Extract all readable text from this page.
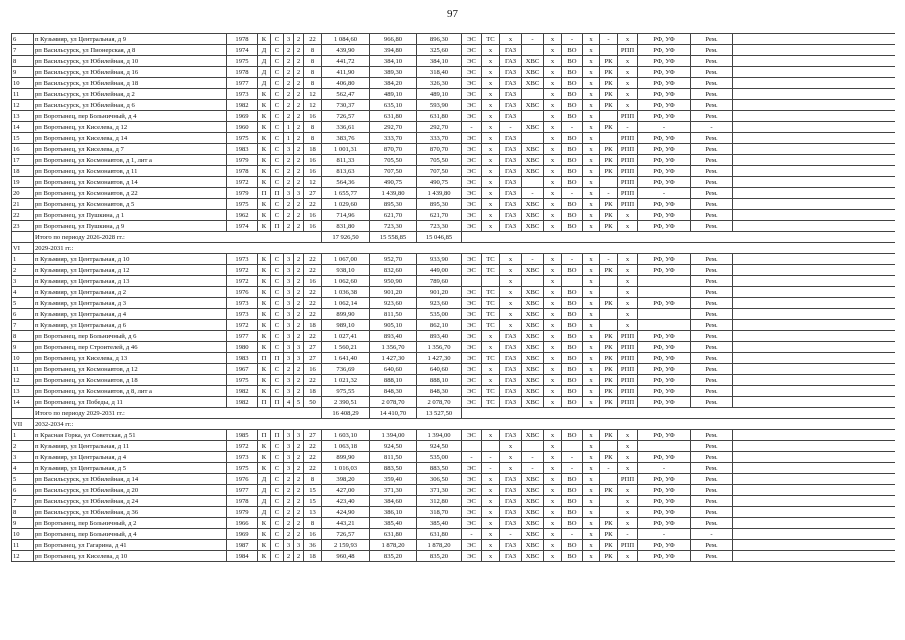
97
6	п Кузьмияр, ул Центральная, д 9	1978	К	С	3	2	22	1 084,60	966,80	896,30	ЭС	ТС	х	-	х	-	х	-	х	РФ, УФ	Рем.	
7	рп Васильсурск, ул Пионерская, д 8	1974	Д	С	2	2	8	439,90	394,80	325,60	ЭС	х	ГАЗ		х	ВО	х		РПП	РФ, УФ	Рем.	
8	рп Васильсурск, ул Юбилейная, д 10	1975	Д	С	2	2	8	441,72	384,10	384,10	ЭС	х	ГАЗ	ХВС	х	ВО	х	РК	х	РФ, УФ	Рем.	
9	рп Васильсурск, ул Юбилейная, д 16	1978	Д	С	2	2	8	411,90	389,30	318,40	ЭС	х	ГАЗ	ХВС	х	ВО	х	РК	х	РФ, УФ	Рем.	
10	рп Васильсурск, ул Юбилейная, д 18	1977	Д	С	2	2	8	406,80	384,20	326,30	ЭС	х	ГАЗ	ХВС	х	ВО	х	РК	х	РФ, УФ	Рем.	
11	рп Васильсурск, ул Юбилейная, д 2	1973	К	С	2	2	12	562,47	489,10	489,10	ЭС	х	ГАЗ		х	ВО	х	РК	х	РФ, УФ	Рем.	
12	рп Васильсурск, ул Юбилейная, д 6	1982	К	С	2	2	12	730,37	635,10	593,90	ЭС	х	ГАЗ	ХВС	х	ВО	х	РК	х	РФ, УФ	Рем.	
13	рп Воротынец, пер Больничный, д 4	1969	К	С	2	2	16	726,57	631,80	631,80	ЭС	х	ГАЗ		х	ВО	х		РПП	РФ, УФ	Рем.	
14	рп Воротынец, ул Киселева, д 12	1960	К	С	1	2	8	336,61	292,70	292,70	-	х	-	ХВС	х	-	х	РК	-	-	-	
15	рп Воротынец, ул Киселева, д 14	1975	К	С	1	2	8	383,76	333,70	333,70	ЭС	х	ГАЗ		х	ВО	х		РПП	РФ, УФ	Рем.	
16	рп Воротынец, ул Киселева, д 7	1983	К	С	3	2	18	1 001,31	870,70	870,70	ЭС	х	ГАЗ	ХВС	х	ВО	х	РК	РПП	РФ, УФ	Рем.	
17	рп Воротынец, ул Космонавтов, д 1, лит а	1979	К	С	2	2	16	811,33	705,50	705,50	ЭС	х	ГАЗ	ХВС	х	ВО	х	РК	РПП	РФ, УФ	Рем.	
18	рп Воротынец, ул Космонавтов, д 11	1978	К	С	2	2	16	813,63	707,50	707,50	ЭС	х	ГАЗ	ХВС	х	ВО	х	РК	РПП	РФ, УФ	Рем.	
19	рп Воротынец, ул Космонавтов, д 14	1972	К	С	2	2	12	564,36	490,75	490,75	ЭС	х	ГАЗ		х	ВО	х		РПП	РФ, УФ	Рем.	
20	рп Воротынец, ул Космонавтов, д 22	1979	П	П	3	3	27	1 655,77	1 439,80	1 439,80	ЭС	х	ГАЗ	-	х	-	х	-	РПП	-	Рем.	
21	рп Воротынец, ул Космонавтов, д 5	1975	К	С	2	2	22	1 029,60	895,30	895,30	ЭС	х	ГАЗ	ХВС	х	ВО	х	РК	РПП	РФ, УФ	Рем.	
22	рп Воротынец, ул Пушкина, д 1	1962	К	С	2	2	16	714,96	621,70	621,70	ЭС	х	ГАЗ	ХВС	х	ВО	х	РК	х	РФ, УФ	Рем.	
23	рп Воротынец, ул Пушкина, д 9	1974	К	П	2	2	16	831,80	723,30	723,30	ЭС	х	ГАЗ	ХВС	х	ВО	х	РК	х	РФ, УФ	Рем.	
	Итого по периоду 2026-2028 гг.:							17 926,50	15 558,85	15 046,85												
VI	2029-2031 гг.:																					
1	п Кузьмияр, ул Центральная, д 10	1973	К	С	3	2	22	1 067,00	952,70	933,90	ЭС	ТС	х	-	х	-	х	-	х	РФ, УФ	Рем.	
2	п Кузьмияр, ул Центральная, д 12	1972	К	С	3	2	22	938,10	832,60	449,00	ЭС	ТС	х	ХВС	х	ВО	х	РК	х	РФ, УФ	Рем.	
3	п Кузьмияр, ул Центральная, д 13	1972	К	С	3	2	16	1 062,60	950,90	789,60			х		х		х		х		Рем.	
4	п Кузьмияр, ул Центральная, д 2	1976	К	С	3	2	22	1 036,38	901,20	901,20	ЭС	ТС	х	ХВС	х	ВО	х		х		Рем.	
5	п Кузьмияр, ул Центральная, д 3	1973	К	С	3	2	22	1 062,14	923,60	923,60	ЭС	ТС	х	ХВС	х	ВО	х	РК	х	РФ, УФ	Рем.	
6	п Кузьмияр, ул Центральная, д 4	1973	К	С	3	2	22	899,90	811,50	535,00	ЭС	ТС	х	ХВС	х	ВО	х		х		Рем.	
7	п Кузьмияр, ул Центральная, д 6	1972	К	С	3	2	18	989,10	905,10	862,10	ЭС	ТС	х	ХВС	х	ВО	х		х		Рем.	
8	рп Воротынец, пер Больничный, д 6	1977	К	С	3	2	22	1 027,41	893,40	893,40	ЭС	х	ГАЗ	ХВС	х	ВО	х	РК	РПП	РФ, УФ	Рем.	
9	рп Воротынец, пер Строителей, д 46	1980	К	С	3	3	27	1 560,21	1 356,70	1 356,70	ЭС	х	ГАЗ	ХВС	х	ВО	х	РК	РПП	РФ, УФ	Рем.	
10	рп Воротынец, ул Киселева, д 13	1983	П	П	3	3	27	1 641,40	1 427,30	1 427,30	ЭС	ТС	ГАЗ	ХВС	х	ВО	х	РК	РПП	РФ, УФ	Рем.	
11	рп Воротынец, ул Космонавтов, д 12	1967	К	С	2	2	16	736,69	640,60	640,60	ЭС	х	ГАЗ	ХВС	х	ВО	х	РК	РПП	РФ, УФ	Рем.	
12	рп Воротынец, ул Космонавтов, д 18	1975	К	С	3	2	22	1 021,32	888,10	888,10	ЭС	х	ГАЗ	ХВС	х	ВО	х	РК	РПП	РФ, УФ	Рем.	
13	рп Воротынец, ул Космонавтов, д 8, лит а	1982	К	С	3	2	18	975,55	848,30	848,30	ЭС	ТС	ГАЗ	ХВС	х	ВО	х	РК	РПП	РФ, УФ	Рем.	
14	рп Воротынец, ул Победы, д 11	1982	П	П	4	5	50	2 390,51	2 078,70	2 078,70	ЭС	ТС	ГАЗ	ХВС	х	ВО	х	РК	РПП	РФ, УФ	Рем.	
	Итого по периоду 2029-2031 гг.:							16 408,29	14 410,70	13 527,50												
VII	2032-2034 гг.:																					
1	п Красная Горка, ул Советская, д 51	1985	П	П	3	3	27	1 603,10	1 394,00	1 394,00	ЭС	х	ГАЗ	ХВС	х	ВО	х	РК	х	РФ, УФ	Рем.	
2	п Кузьмияр, ул Центральная, д 11	1972	К	С	3	2	22	1 063,18	924,50	924,50			х		х		х		х		Рем.	
3	п Кузьмияр, ул Центральная, д 4	1973	К	С	3	2	22	899,90	811,50	535,00	-	-	х	-	х	-	х	РК	х	РФ, УФ	Рем.	
4	п Кузьмияр, ул Центральная, д 5	1975	К	С	3	2	22	1 016,03	883,50	883,50	ЭС	-	х	-	х	-	х	-	х	-	Рем.	
5	рп Васильсурск, ул Юбилейная, д 14	1976	Д	С	2	2	8	398,20	359,40	306,50	ЭС	х	ГАЗ	ХВС	х	ВО	х		РПП	РФ, УФ	Рем.	
6	рп Васильсурск, ул Юбилейная, д 20	1977	Д	С	2	2	15	427,00	371,30	371,30	ЭС	х	ГАЗ	ХВС	х	ВО	х	РК	х	РФ, УФ	Рем.	
7	рп Васильсурск, ул Юбилейная, д 24	1978	Д	С	2	2	15	423,40	384,60	312,80	ЭС	х	ГАЗ	ХВС	х	ВО	х		х	РФ, УФ	Рем.	
8	рп Васильсурск, ул Юбилейная, д 36	1979	Д	С	2	2	13	424,90	386,10	318,70	ЭС	х	ГАЗ	ХВС	х	ВО	х		х	РФ, УФ	Рем.	
9	рп Воротынец, пер Больничный, д 2	1966	К	С	2	2	8	443,21	385,40	385,40	ЭС	х	ГАЗ	ХВС	х	ВО	х	РК	х	РФ, УФ	Рем.	
10	рп Воротынец, пер Больничный, д 4	1969	К	С	2	2	16	726,57	631,80	631,80	-	х	-	ХВС	х	-	х	РК	-	-	-	
11	рп Воротынец, ул Гагарина, д 41	1987	К	С	3	3	36	2 159,93	1 878,20	1 878,20	ЭС	х	ГАЗ	ХВС	х	ВО	х	РК	РПП	РФ, УФ	Рем.	
12	рп Воротынец, ул Киселева, д 10	1984	К	С	2	2	18	960,48	835,20	835,20	ЭС	х	ГАЗ	ХВС	х	ВО	х	РК	х	РФ, УФ	Рем.	
